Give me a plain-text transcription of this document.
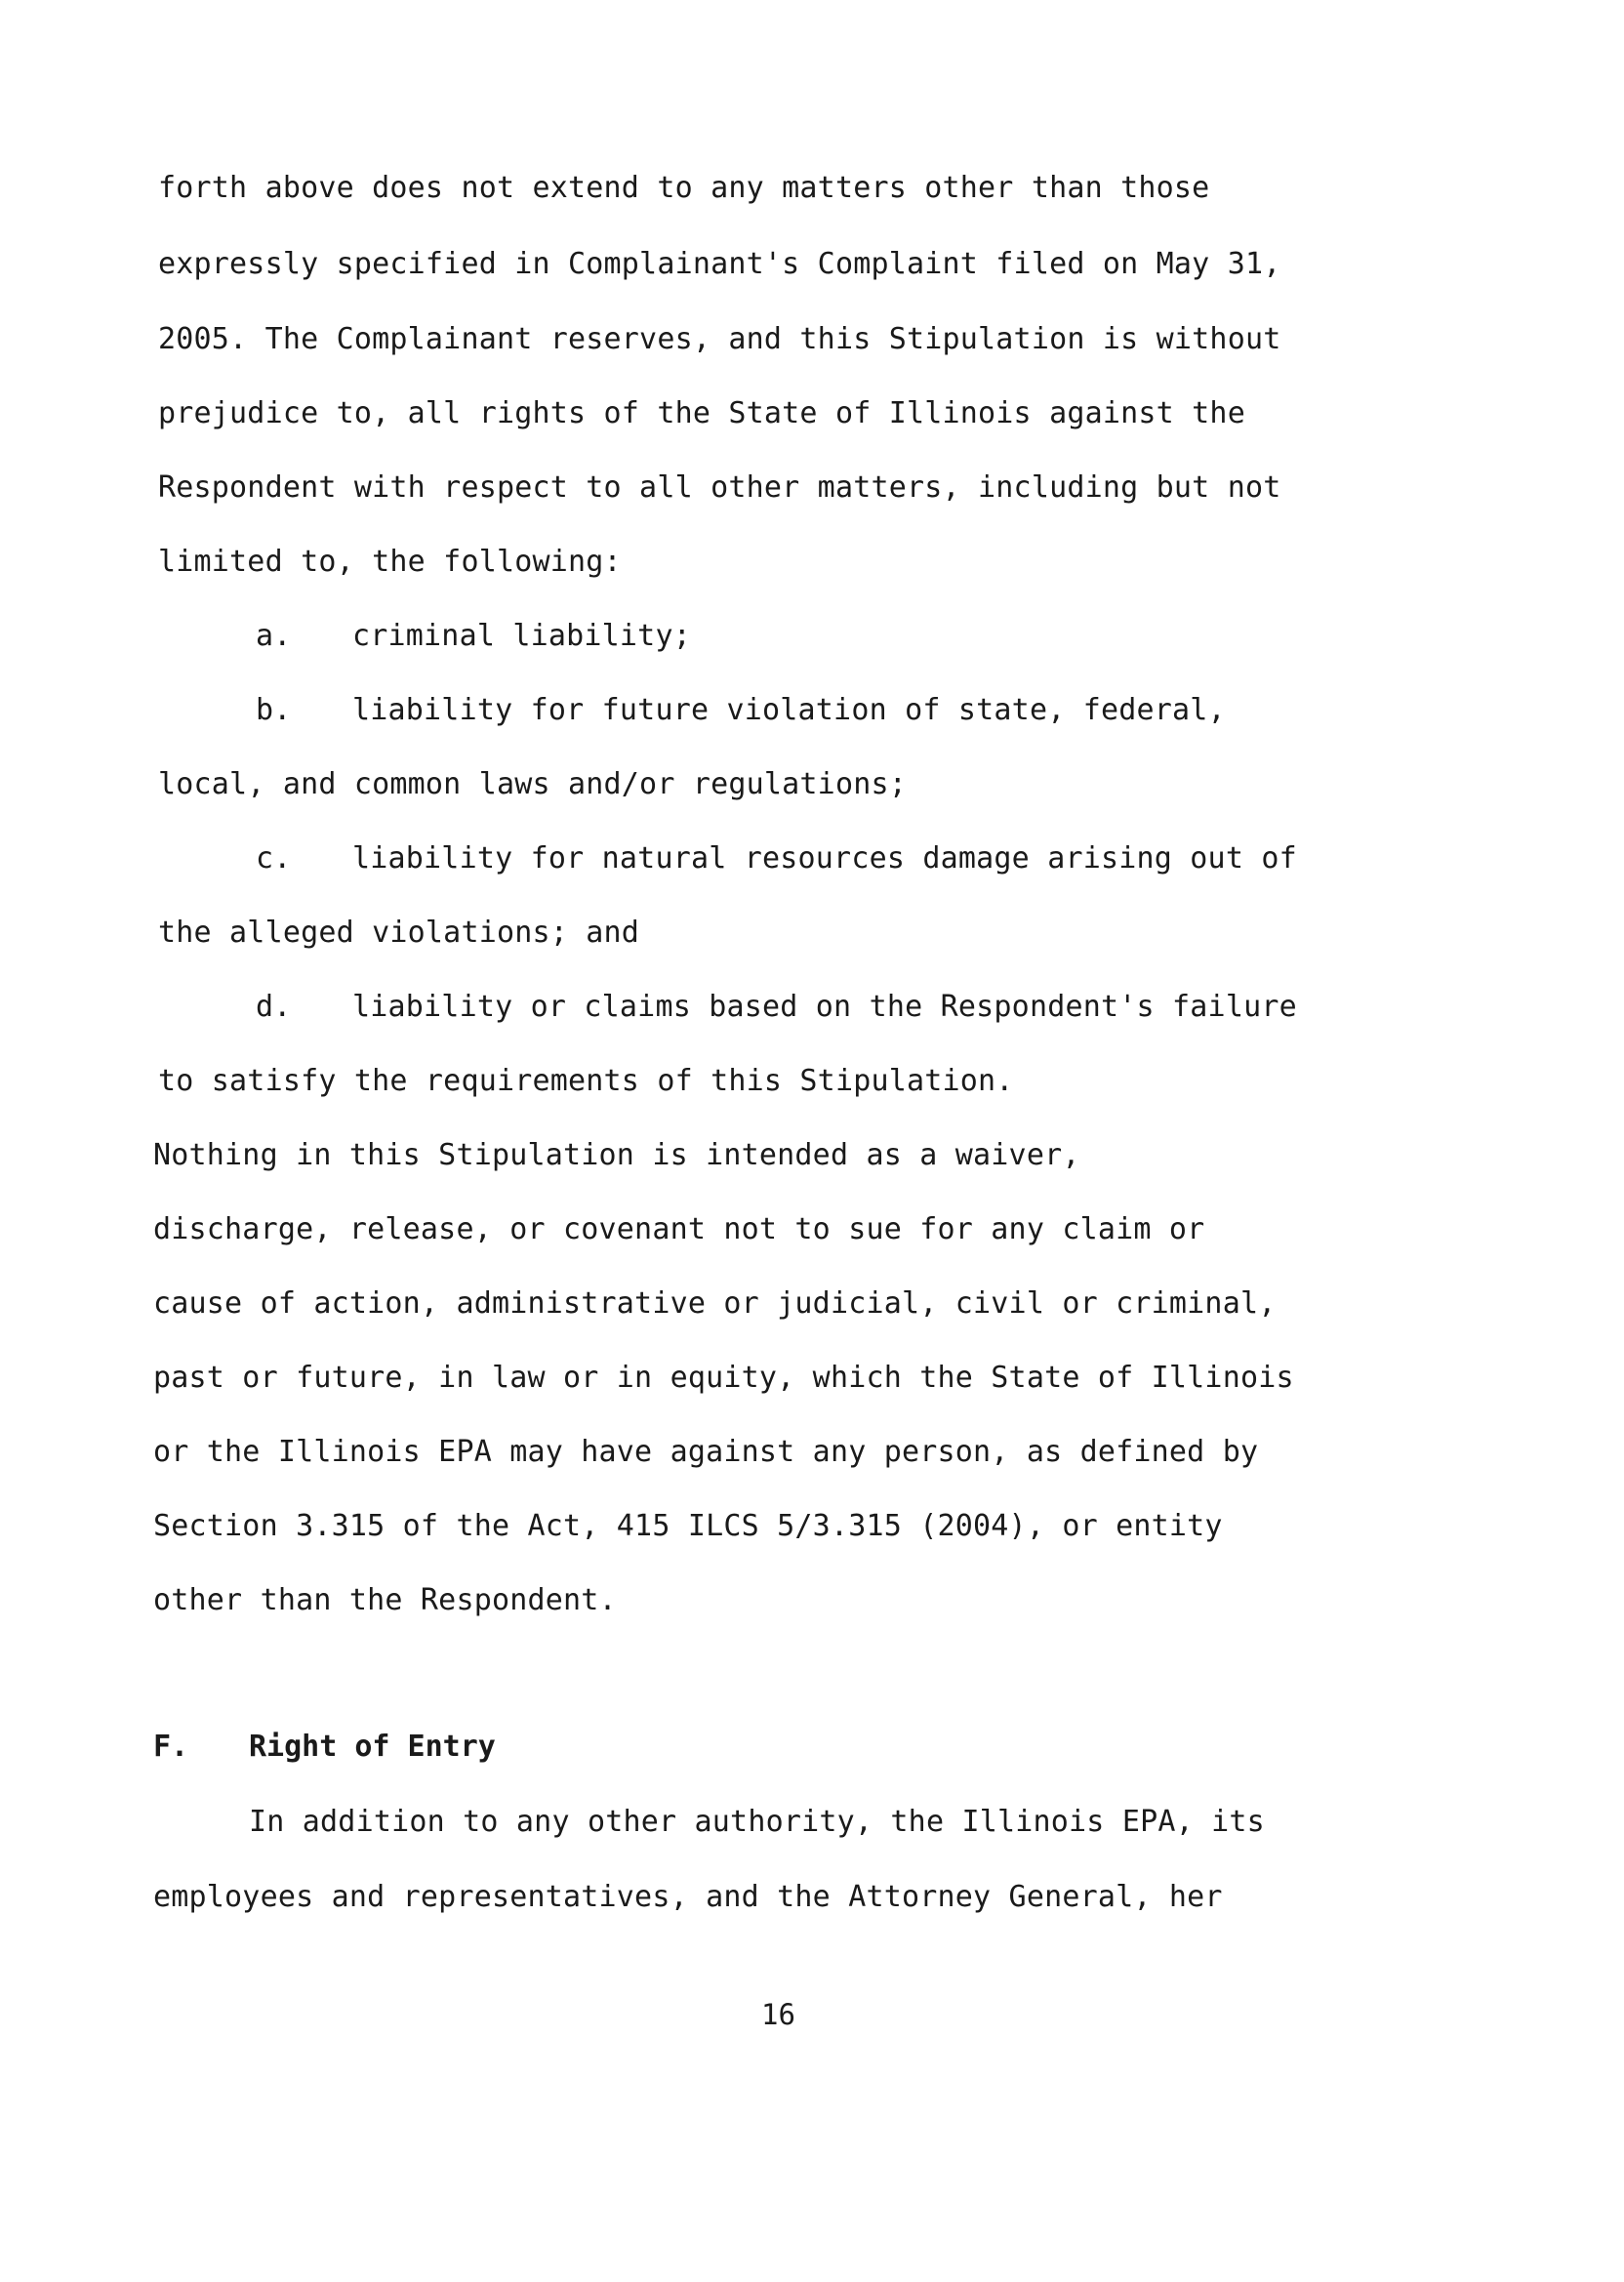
forth above does not extend to any matters other than those
expressly specified in Complainant's Complaint filed on May 31,
2005. The Complainant reserves, and this Stipulation is without
prejudice to, all rights of the State of Illinois against the
Respondent with respect to all other matters, including but not
limited to, the following:
a. criminal liability;
b. liability for future violation of state, federal,
local, and common laws and/or regulations;
c. liability for natural resources damage arising out of
the alleged violations; and
d. liability or claims based on the Respondent's failure
to satisfy the requirements of this Stipulation.
Nothing in this Stipulation is intended as a waiver,
discharge, release, or covenant not to sue for any claim or
cause of action, administrative or judicial, civil or criminal,
past or future, in law or in equity, which the State of Illinois
or the Illinois EPA may have against any person, as defined by
Section 3.315 of the Act, 415 ILCS 5/3.315 (2004), or entity
other than the Respondent.
F. Right of Entry
In addition to any other authority, the Illinois EPA, its
employees and representatives, and the Attorney General, her
16
